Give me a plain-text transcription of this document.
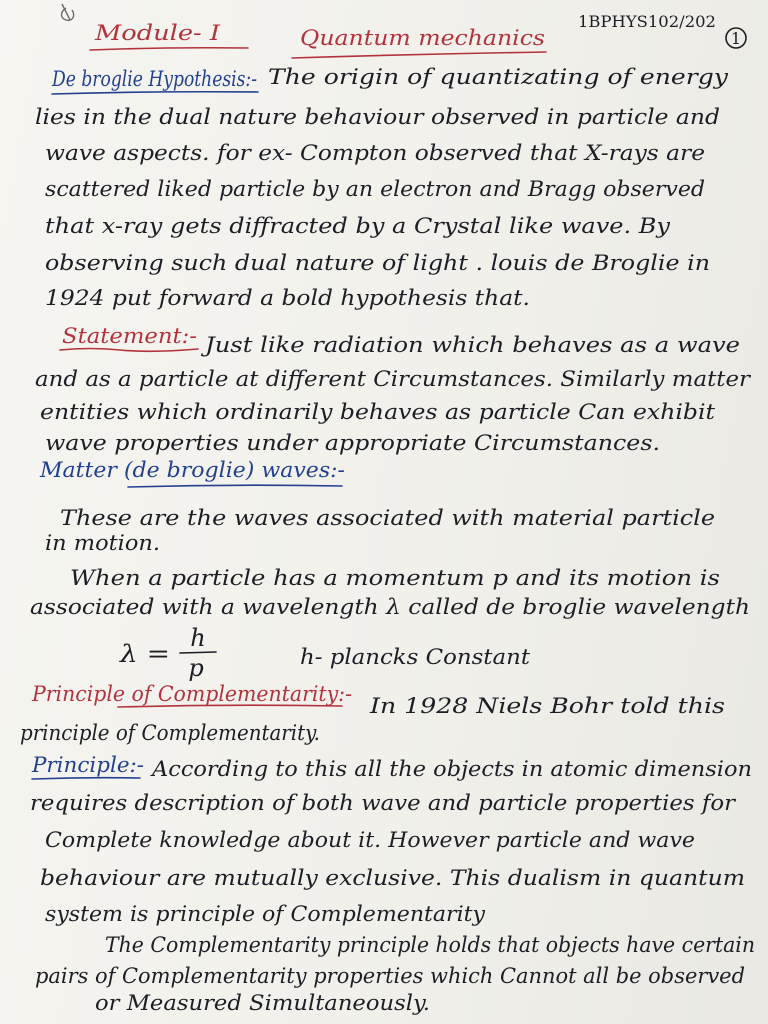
Module- I	Quantum mechanics
1BPHYS102/202
1
De broglie Hypothesis:- The origin of quantizating of energy
lies in the dual nature behaviour observed in particle and
wave aspects. for ex- Compton observed that X-rays are
scattered liked particle by an electron and Bragg observed
that x-ray gets diffracted by a Crystal like wave. By
observing such dual nature of light . louis de Broglie in
1924 put forward a bold hypothesis that.
Statement:- Just like radiation which behaves as a wave
and as a particle at different Circumstances. Similarly matter
entities which ordinarily behaves as particle Can exhibit
wave properties under appropriate Circumstances.
Matter (de broglie) waves:-
These are the waves associated with material particle
in motion.
When a particle has a momentum p and its motion is
associated with a wavelength λ called de broglie wavelength
λ =
h
p	h- plancks Constant
Principle of Complementarity:- In 1928 Niels Bohr told this
principle of Complementarity.
Principle:- According to this all the objects in atomic dimension
requires description of both wave and particle properties for
Complete knowledge about it. However particle and wave
behaviour are mutually exclusive. This dualism in quantum
system is principle of Complementarity
The Complementarity principle holds that objects have certain
pairs of Complementarity properties which Cannot all be observed
or Measured Simultaneously.
